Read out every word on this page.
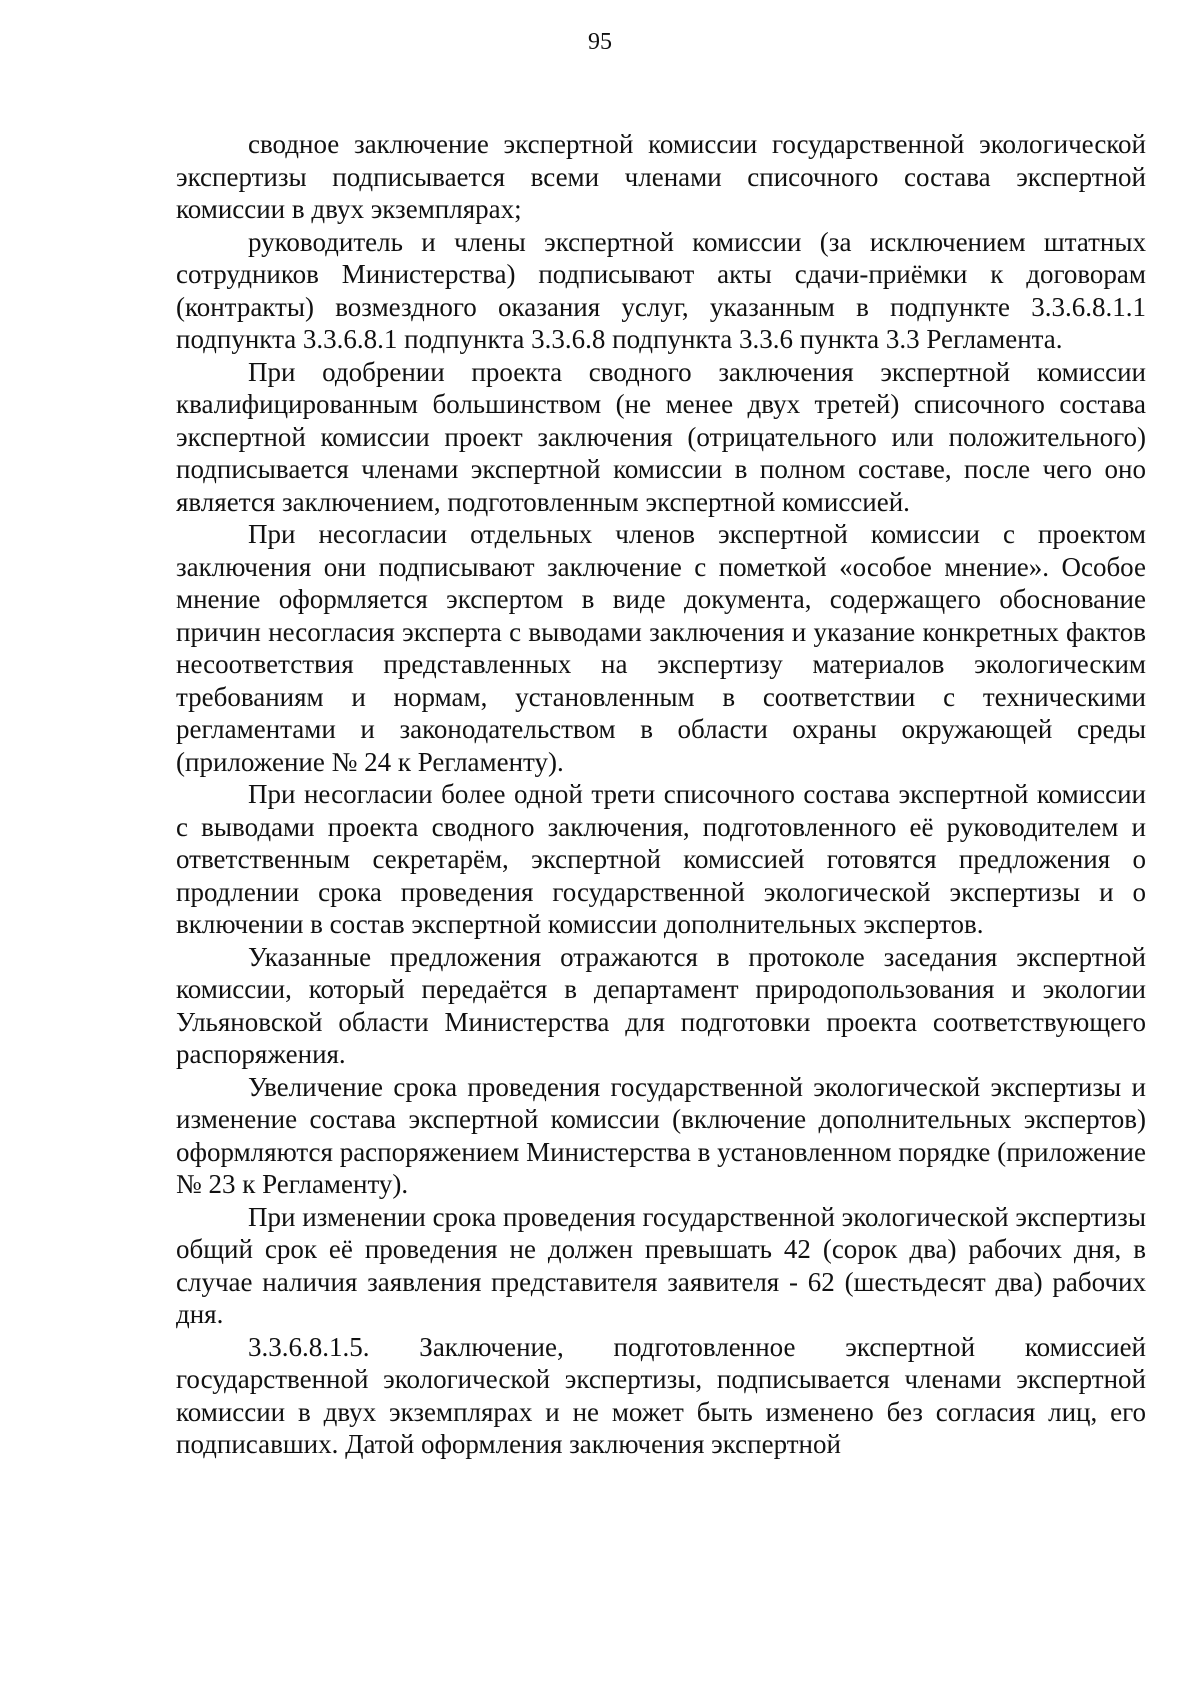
95

сводное заключение экспертной комиссии государственной экологической экспертизы подписывается всеми членами списочного состава экспертной комиссии в двух экземплярах;

руководитель и члены экспертной комиссии (за исключением штатных сотрудников Министерства) подписывают акты сдачи-приёмки к договорам (контракты) возмездного оказания услуг, указанным в подпункте 3.3.6.8.1.1 подпункта 3.3.6.8.1 подпункта 3.3.6.8 подпункта 3.3.6 пункта 3.3 Регламента.

При одобрении проекта сводного заключения экспертной комиссии квалифицированным большинством (не менее двух третей) списочного состава экспертной комиссии проект заключения (отрицательного или положительного) подписывается членами экспертной комиссии в полном составе, после чего оно является заключением, подготовленным экспертной комиссией.

При несогласии отдельных членов экспертной комиссии с проектом заключения они подписывают заключение с пометкой «особое мнение». Особое мнение оформляется экспертом в виде документа, содержащего обоснование причин несогласия эксперта с выводами заключения и указание конкретных фактов несоответствия представленных на экспертизу материалов экологическим требованиям и нормам, установленным в соответствии с техническими регламентами и законодательством в области охраны окружающей среды (приложение № 24 к Регламенту).

При несогласии более одной трети списочного состава экспертной комиссии с выводами проекта сводного заключения, подготовленного её руководителем и ответственным секретарём, экспертной комиссией готовятся предложения о продлении срока проведения государственной экологической экспертизы и о включении в состав экспертной комиссии дополнительных экспертов.

Указанные предложения отражаются в протоколе заседания экспертной комиссии, который передаётся в департамент природопользования и экологии Ульяновской области Министерства для подготовки проекта соответствующего распоряжения.

Увеличение срока проведения государственной экологической экспертизы и изменение состава экспертной комиссии (включение дополнительных экспертов) оформляются распоряжением Министерства в установленном порядке (приложение № 23 к Регламенту).

При изменении срока проведения государственной экологической экспертизы общий срок её проведения не должен превышать 42 (сорок два) рабочих дня, в случае наличия заявления представителя заявителя - 62 (шестьдесят два) рабочих дня.

3.3.6.8.1.5. Заключение, подготовленное экспертной комиссией государственной экологической экспертизы, подписывается членами экспертной комиссии в двух экземплярах и не может быть изменено без согласия лиц, его подписавших. Датой оформления заключения экспертной
